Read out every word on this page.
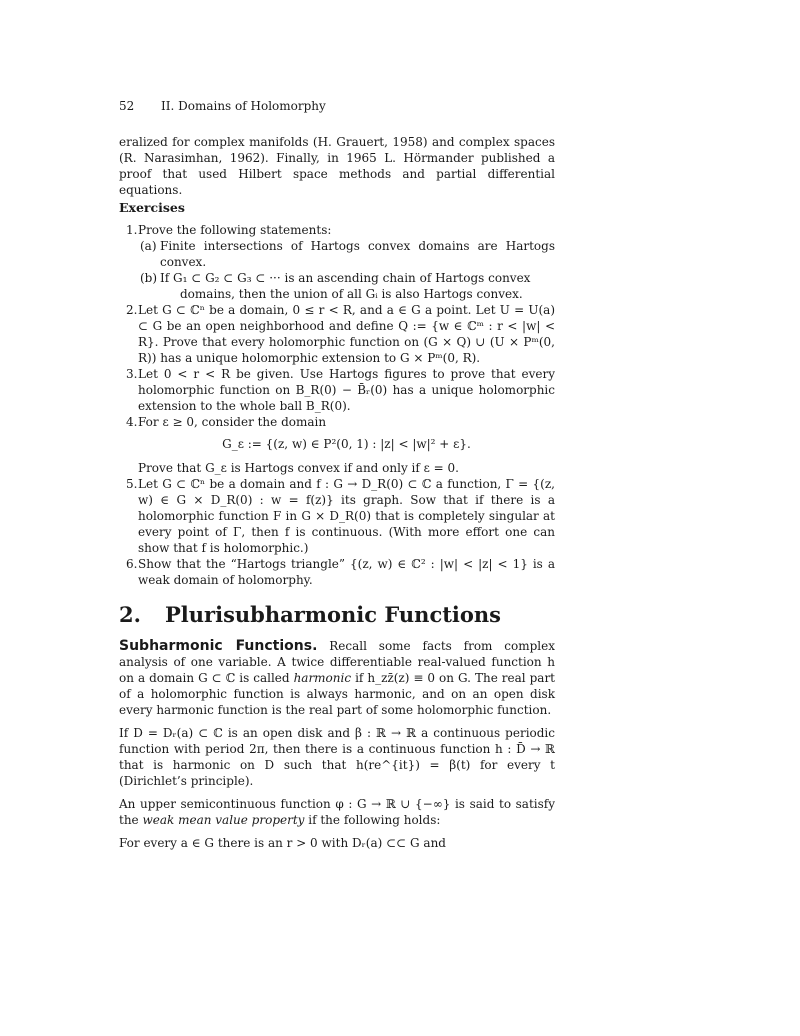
52 II. Domains of Holomorphy

eralized for complex manifolds (H. Grauert, 1958) and complex spaces (R. Narasimhan, 1962). Finally, in 1965 L. Hörmander published a proof that used Hilbert space methods and partial differential equations.

Exercises
1. Prove the following statements:
(a) Finite intersections of Hartogs convex domains are Hartogs convex.
(b) If G₁ ⊂ G₂ ⊂ G₃ ⊂ ··· is an ascending chain of Hartogs convex
domains, then the union of all Gᵢ is also Hartogs convex.
2. Let G ⊂ ℂⁿ be a domain, 0 ≤ r < R, and a ∈ G a point. Let U = U(a) ⊂ G be an open neighborhood and define Q := {w ∈ ℂᵐ : r < |w| < R}. Prove that every holomorphic function on (G × Q) ∪ (U × Pᵐ(0, R)) has a unique holomorphic extension to G × Pᵐ(0, R).
3. Let 0 < r < R be given. Use Hartogs figures to prove that every holomorphic function on B_R(0) − B̄ᵣ(0) has a unique holomorphic extension to the whole ball B_R(0).
4. For ε ≥ 0, consider the domain
G_ε := {(z, w) ∈ P²(0, 1) : |z| < |w|² + ε}.
Prove that G_ε is Hartogs convex if and only if ε = 0.
5. Let G ⊂ ℂⁿ be a domain and f : G → D_R(0) ⊂ ℂ a function, Γ = {(z, w) ∈ G × D_R(0) : w = f(z)} its graph. Sow that if there is a holomorphic function F in G × D_R(0) that is completely singular at every point of Γ, then f is continuous. (With more effort one can show that f is holomorphic.)
6. Show that the “Hartogs triangle” {(z, w) ∈ ℂ² : |w| < |z| < 1} is a weak domain of holomorphy.
2. Plurisubharmonic Functions

Subharmonic Functions. Recall some facts from complex analysis of one variable. A twice differentiable real-valued function h on a domain G ⊂ ℂ is called harmonic if h_zz̄(z) ≡ 0 on G. The real part of a holomorphic function is always harmonic, and on an open disk every harmonic function is the real part of some holomorphic function.

If D = Dᵣ(a) ⊂ ℂ is an open disk and β : ℝ → ℝ a continuous periodic function with period 2π, then there is a continuous function h : D̄ → ℝ that is harmonic on D such that h(re^{it}) = β(t) for every t (Dirichlet’s principle).

An upper semicontinuous function φ : G → ℝ ∪ {−∞} is said to satisfy the weak mean value property if the following holds:

For every a ∈ G there is an r > 0 with Dᵣ(a) ⊂⊂ G and
